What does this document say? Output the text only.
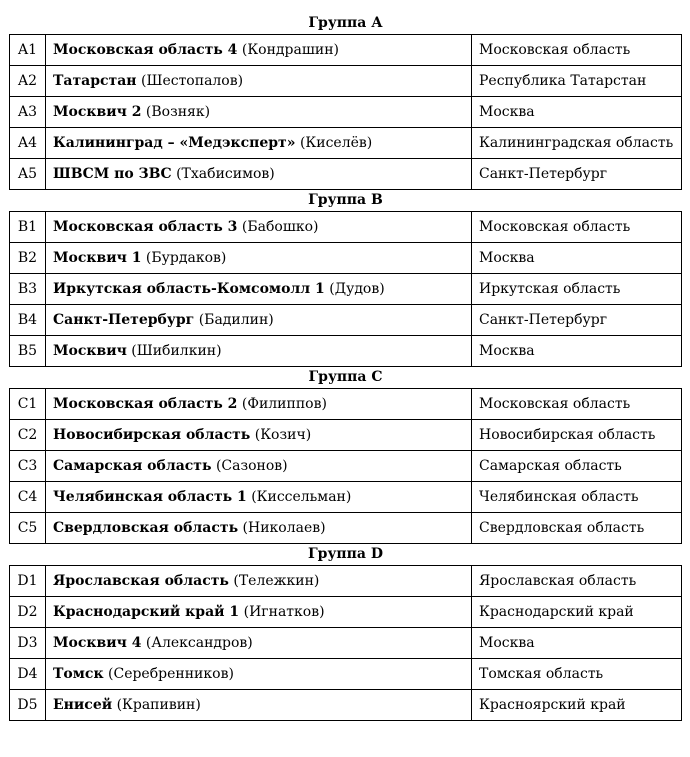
Группа А
A1	Московская область 4 (Кондрашин)	Московская область
A2	Татарстан (Шестопалов)	Республика Татарстан
A3	Москвич 2 (Возняк)	Москва
A4	Калининград – «Медэксперт» (Киселёв)	Калининградская область
A5	ШВСМ по ЗВС (Тхабисимов)	Санкт-Петербург
Группа В
B1	Московская область 3 (Бабошко)	Московская область
B2	Москвич 1 (Бурдаков)	Москва
B3	Иркутская область-Комсомолл 1 (Дудов)	Иркутская область
B4	Санкт-Петербург (Бадилин)	Санкт-Петербург
B5	Москвич (Шибилкин)	Москва
Группа С
C1	Московская область 2 (Филиппов)	Московская область
C2	Новосибирская область (Козич)	Новосибирская область
C3	Самарская область (Сазонов)	Самарская область
C4	Челябинская область 1 (Киссельман)	Челябинская область
C5	Свердловская область (Николаев)	Свердловская область
Группа D
D1	Ярославская область (Тележкин)	Ярославская область
D2	Краснодарский край 1 (Игнатков)	Краснодарский край
D3	Москвич 4 (Александров)	Москва
D4	Томск (Серебренников)	Томская область
D5	Енисей (Крапивин)	Красноярский край
